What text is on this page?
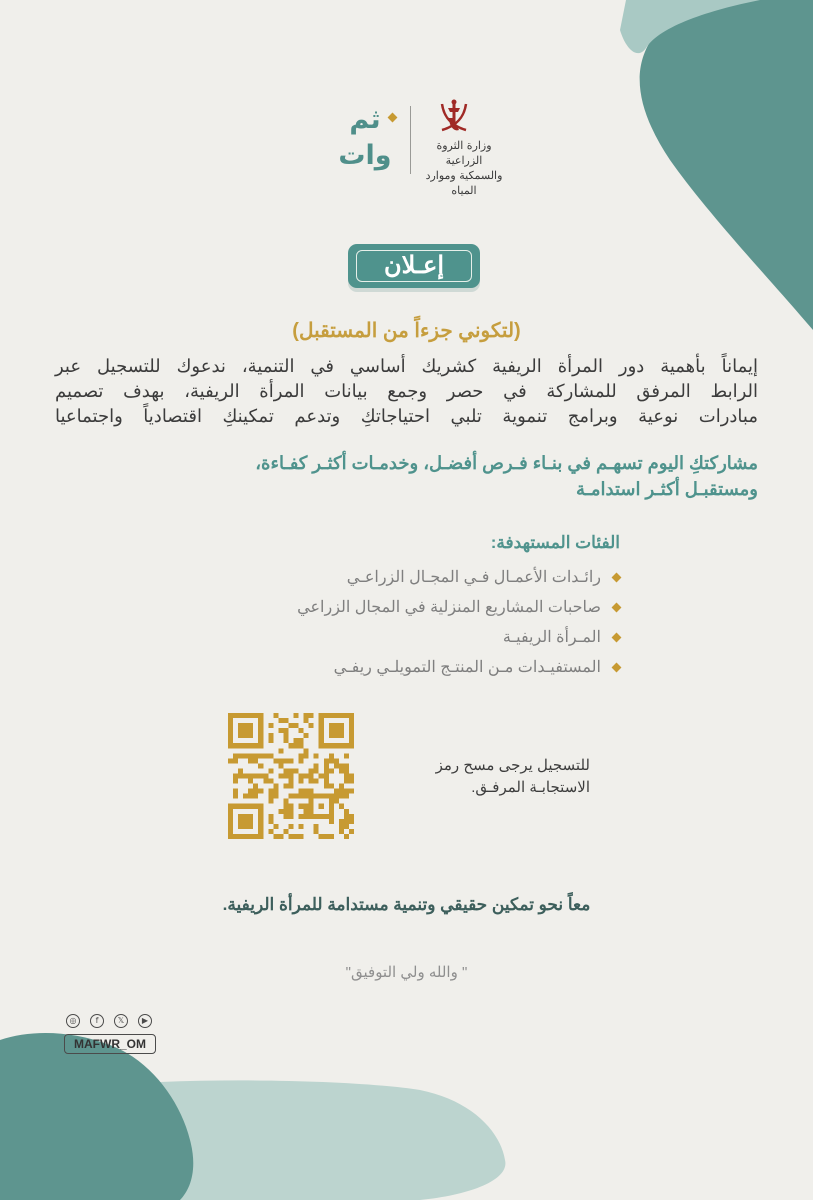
ثم
وات	وزارة الثروة الزراعية
والسمكية وموارد المياه
إعـلان
(لتكوني جزءاً من المستقبل)
إيماناً بأهمية دور المرأة الريفية كشريك أساسي في التنمية، ندعوك للتسجيل عبر
الرابط المرفق للمشاركة في حصر وجمع بيانات المرأة الريفية، بهدف تصميم
مبادرات نوعية وبرامج تنموية تلبي احتياجاتكِ وتدعم تمكينكِ اقتصادياً واجتماعيا
مشاركتكِ اليوم تسهـم في بنـاء فـرص أفضـل، وخدمـات أكثـر كفـاءة،
ومستقبـل أكثـر استدامـة
الفئات المستهدفة:
رائـدات الأعمـال فـي المجـال الزراعـي
صاحبات المشاريع المنزلية في المجال الزراعي
المـرأة الريفيـة
المستفيـدات مـن المنتـج التمويلـي ريفـي
للتسجيل يرجى مسح رمز
الاستجابـة المرفـق.
معاً نحو تمكين حقيقي وتنمية مستدامة للمرأة الريفية.
" والله ولي التوفيق"
◎	f	𝕏	▶
MAFWR_OM
